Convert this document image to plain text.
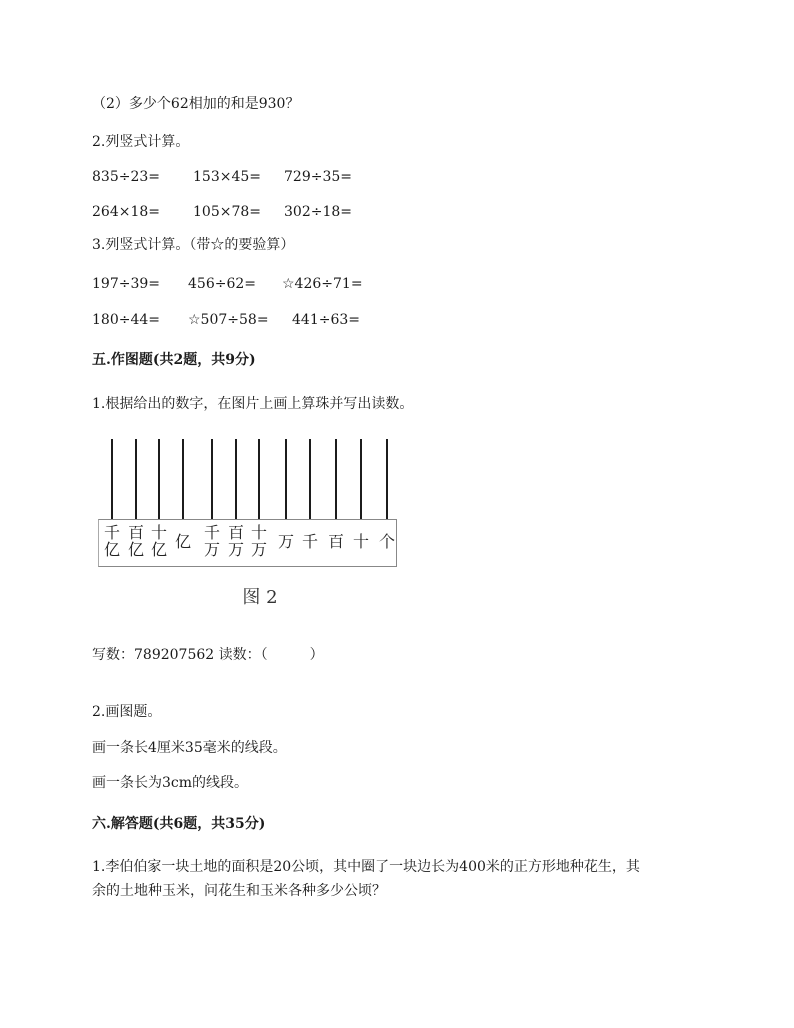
（2）多少个62相加的和是930？
2.列竖式计算。
835÷23= 153×45= 729÷35=
264×18= 105×78= 302÷18=
3.列竖式计算。（带☆的要验算）
197÷39= 456÷62= ☆426÷71=
180÷44= ☆507÷58= 441÷63=
五.作图题(共2题，共9分)
1.根据给出的数字，在图片上画上算珠并写出读数。
千
亿
百
亿
十
亿 亿 千
万
百
万
十
万 万 千 百 十 个
图 2
写数：789207562 读数：（	）
2.画图题。
画一条长4厘米35毫米的线段。
画一条长为3cm的线段。
六.解答题(共6题，共35分)
1.李伯伯家一块土地的面积是20公顷，其中圈了一块边长为400米的正方形地种花生，其
余的土地种玉米，问花生和玉米各种多少公顷？
